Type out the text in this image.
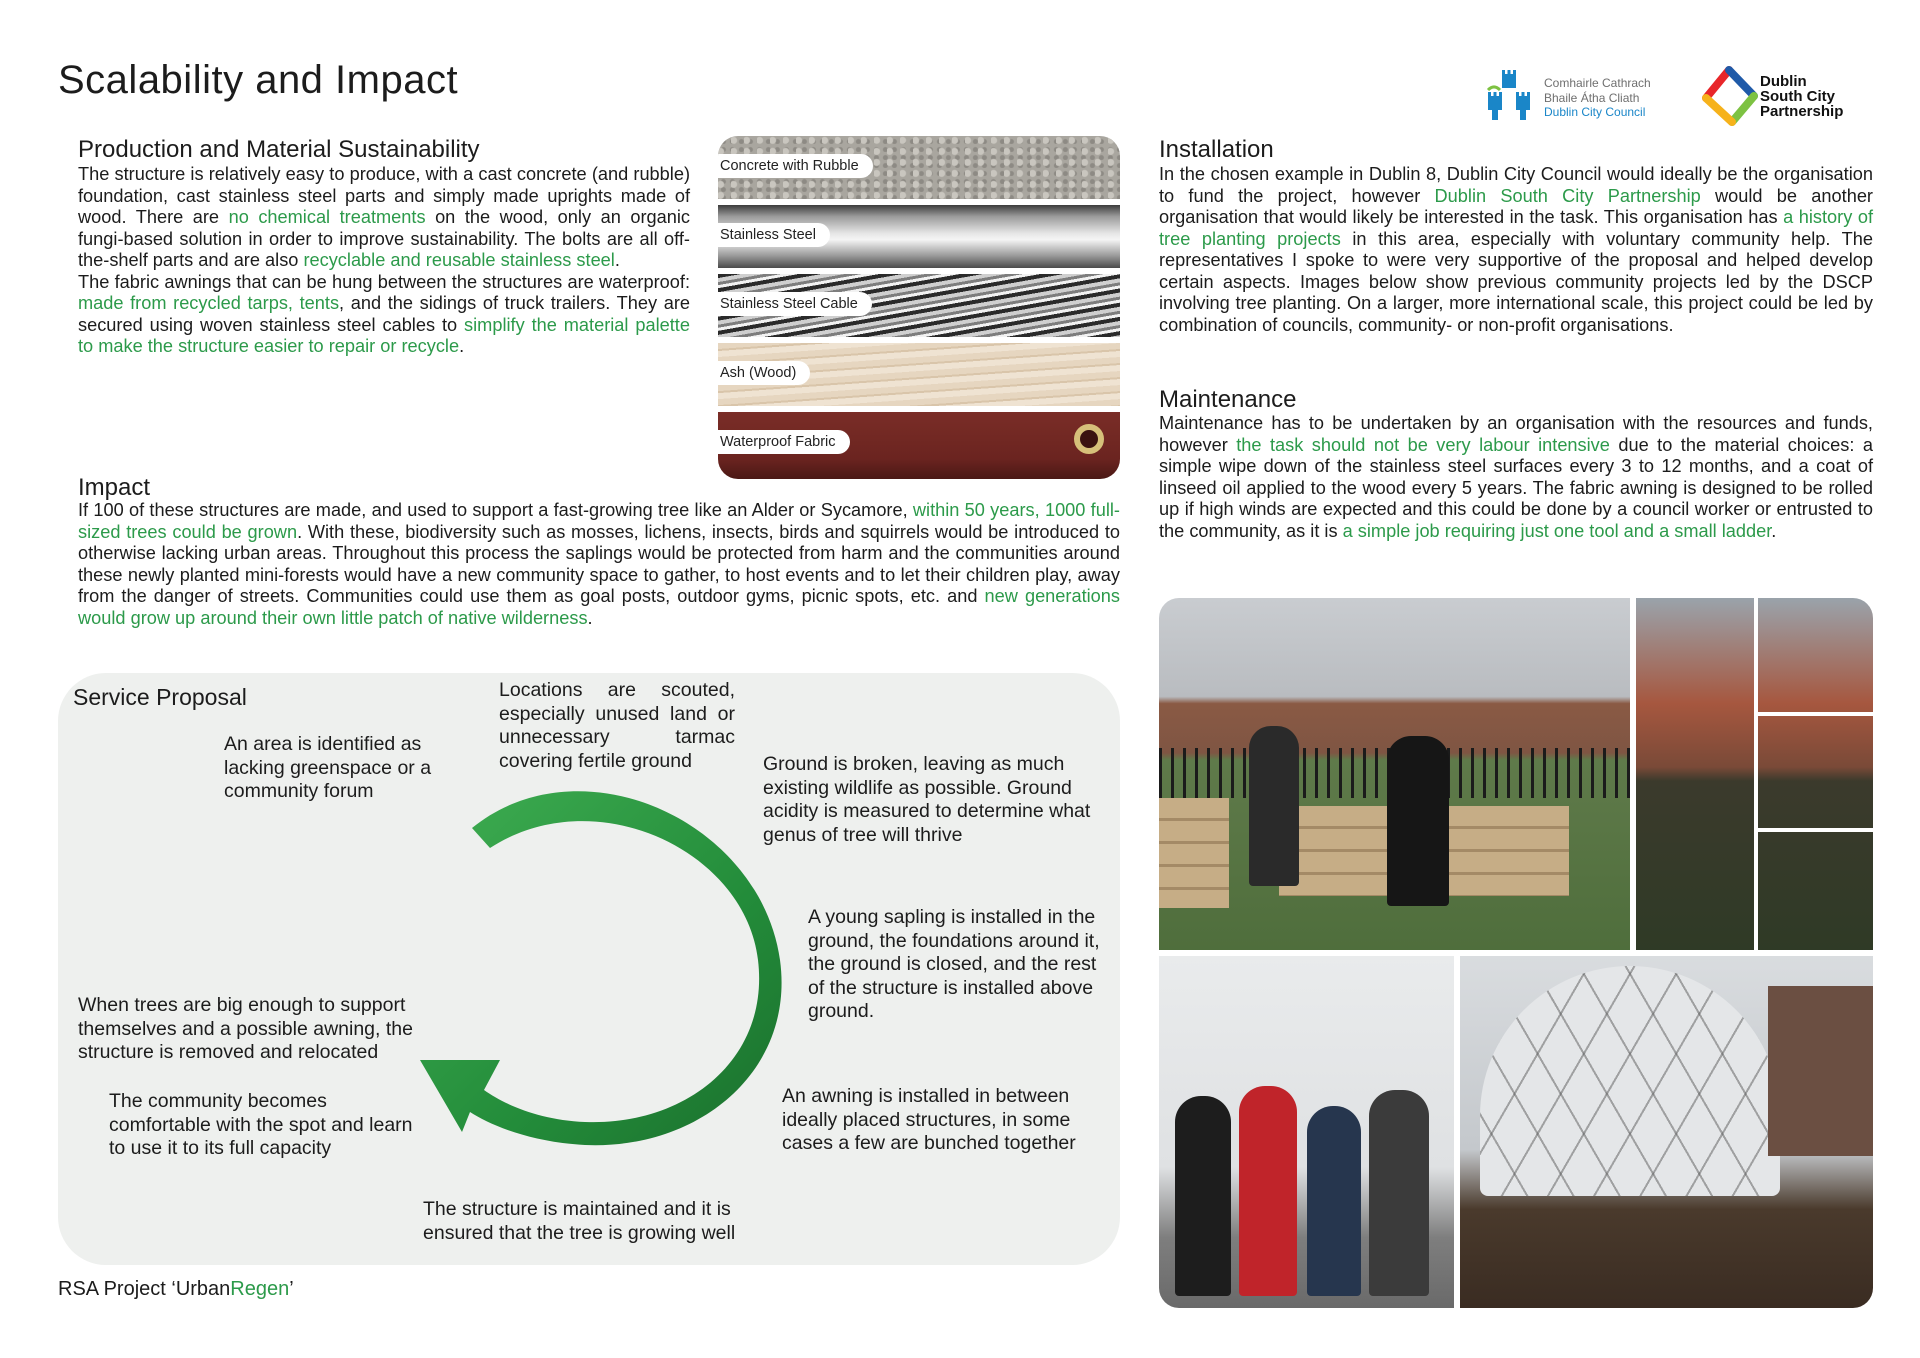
Scalability and Impact	Comhairle Cathrach
Bhaile Átha Cliath
Dublin City Council
Dublin
South City
Partnership
Production and Material Sustainability

The structure is relatively easy to produce, with a cast concrete (and rubble) foundation, cast stainless steel parts and simply made uprights made of wood. There are no chemical treatments on the wood, only an organic fungi-based solution in order to improve sustainability. The bolts are all off-the-shelf parts and are also recyclable and reusable stainless steel.

The fabric awnings that can be hung between the structures are waterproof: made from recycled tarps, tents, and the sidings of truck trailers. They are secured using woven stainless steel cables to simplify the material palette to make the structure easier to repair or recycle.

Concrete with Rubble
Stainless Steel
Stainless Steel Cable
Ash (Wood)
Waterproof Fabric
Impact

If 100 of these structures are made, and used to support a fast-growing tree like an Alder or Sycamore, within 50 years, 1000 full-sized trees could be grown. With these, biodiversity such as mosses, lichens, insects, birds and squirrels would be introduced to otherwise lacking urban areas. Throughout this process the saplings would be protected from harm and the communities around these newly planted mini-forests would have a new community space to gather, to host events and to let their children play, away from the danger of streets. Communities could use them as goal posts, outdoor gyms, picnic spots, etc. and new generations would grow up around their own little patch of native wilderness.

Installation

In the chosen example in Dublin 8, Dublin City Council would ideally be the organisation to fund the project, however Dublin South City Partnership would be another organisation that would likely be interested in the task. This organisation has a history of tree planting projects in this area, especially with voluntary community help. The representatives I spoke to were very supportive of the proposal and helped develop certain aspects. Images below show previous community projects led by the DSCP involving tree planting. On a larger, more international scale, this project could be led by combination of councils, community- or non-profit organisations.

Maintenance

Maintenance has to be undertaken by an organisation with the resources and funds, however the task should not be very labour intensive due to the material choices: a simple wipe down of the stainless steel surfaces every 3 to 12 months, and a coat of linseed oil applied to the wood every 5 years. The fabric awning is designed to be rolled up if high winds are expected and this could be done by a council worker or entrusted to the community, as it is a simple job requiring just one tool and a small ladder.

Service Proposal

An area is identified as lacking greenspace or a community forum

Locations are scouted, especially unused land or unnecessary tarmac covering fertile ground	Ground is broken, leaving as much existing wildlife as possible. Ground acidity is measured to determine what genus of tree will thrive

A young sapling is installed in the ground, the foundations around it, the ground is closed, and the rest of the structure is installed above ground.

An awning is installed in between ideally placed structures, in some cases a few are bunched together

The structure is maintained and it is ensured that the tree is growing well

The community becomes comfortable with the spot and learn to use it to its full capacity

When trees are big enough to support themselves and a possible awning, the structure is removed and relocated

RSA Project ‘UrbanRegen’
